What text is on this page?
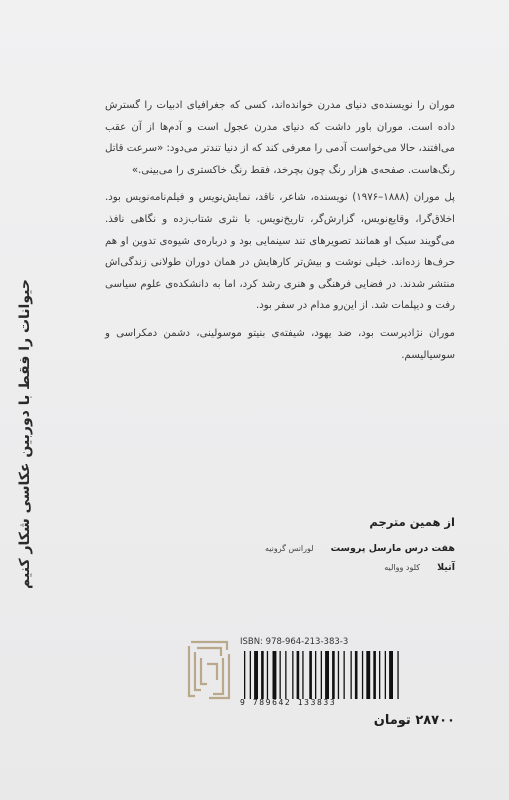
حیوانات را فقط با دوربین عکاسی شکار کنیم

موران را نویسنده‌ی دنیای مدرن خوانده‌اند، کسی که جغرافیای ادبیات را گسترش داده است. موران باور داشت که دنیای مدرن عجول است و آدم‌ها از آن عقب می‌افتند، حالا می‌خواست آدمی را معرفی کند که از دنیا تندتر می‌دود: «سرعت قاتل رنگ‌هاست. صفحه‌ی هزار رنگ چون بچرخد، فقط رنگ خاکستری را می‌بینی.»

پل موران (۱۸۸۸–۱۹۷۶) نویسنده، شاعر، ناقد، نمایش‌نویس و فیلم‌نامه‌نویس بود. اخلاق‌گرا، وقایع‌نویس، گزارش‌گر، تاریخ‌نویس. با نثری شتاب‌زده و نگاهی نافذ. می‌گویند سبک او همانند تصویرهای تند سینمایی بود و درباره‌ی شیوه‌ی تدوین او هم حرف‌ها زده‌اند. خیلی نوشت و بیش‌تر کارهایش در همان دوران طولانی زندگی‌اش منتشر شدند. در فضایی فرهنگی و هنری رشد کرد، اما به دانشکده‌ی علوم سیاسی رفت و دیپلمات شد. از این‌رو مدام در سفر بود.

موران نژادپرست بود، ضد یهود، شیفته‌ی بنیتو موسولینی، دشمن دمکراسی و سوسیالیسم.

از همین مترجم
هفت درس مارسل پروست لورانس گرونیه
آتیلا کلود ووالیه
ISBN: 978-964-213-383-3
9 789642 133833
۲۸۷۰۰ تومان
